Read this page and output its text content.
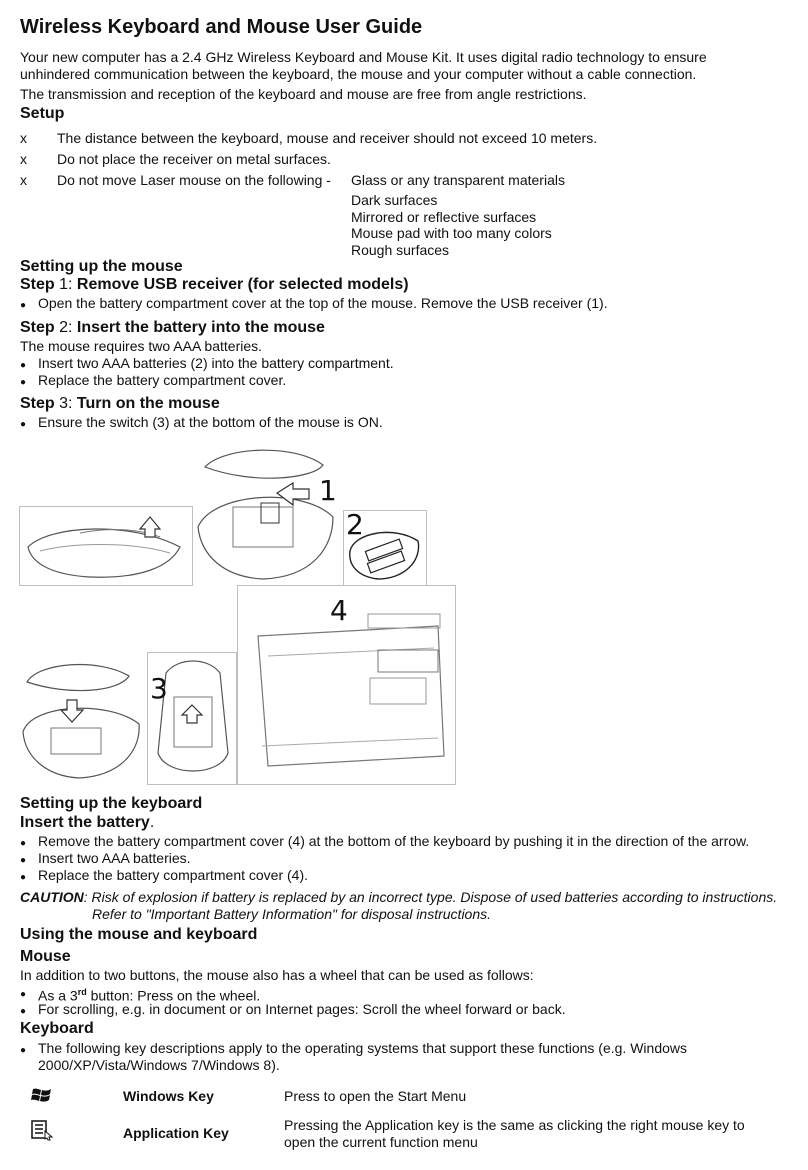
Wireless Keyboard and Mouse User Guide
Your new computer has a 2.4 GHz Wireless Keyboard and Mouse Kit. It uses digital radio technology to ensure
unhindered communication between the keyboard, the mouse and your computer without a cable connection.
The transmission and reception of the keyboard and mouse are free from angle restrictions.
Setup
x The distance between the keyboard, mouse and receiver should not exceed 10 meters.
x Do not place the receiver on metal surfaces.
x Do not move Laser mouse on the following - Glass or any transparent materials
Dark surfaces
Mirrored or reflective surfaces
Mouse pad with too many colors
Rough surfaces
Setting up the mouse
Step 1: Remove USB receiver (for selected models)
● Open the battery compartment cover at the top of the mouse. Remove the USB receiver (1).
Step 2: Insert the battery into the mouse
The mouse requires two AAA batteries.
● Insert two AAA batteries (2) into the battery compartment.
● Replace the battery compartment cover.
Step 3: Turn on the mouse
● Ensure the switch (3) at the bottom of the mouse is ON.
1
2
4
3
Setting up the keyboard
Insert the battery.
● Remove the battery compartment cover (4) at the bottom of the keyboard by pushing it in the direction of the arrow.
● Insert two AAA batteries.
● Replace the battery compartment cover (4).
CAUTION: Risk of explosion if battery is replaced by an incorrect type. Dispose of used batteries according to instructions.
Refer to "Important Battery Information" for disposal instructions.
Using the mouse and keyboard
Mouse
In addition to two buttons, the mouse also has a wheel that can be used as follows:
● As a 3rd button: Press on the wheel.
● For scrolling, e.g. in document or on Internet pages: Scroll the wheel forward or back.
Keyboard
● The following key descriptions apply to the operating systems that support these functions (e.g. Windows
2000/XP/Vista/Windows 7/Windows 8).
Windows Key	Press to open the Start Menu
Application Key	Pressing the Application key is the same as clicking the right mouse key to
open the current function menu
